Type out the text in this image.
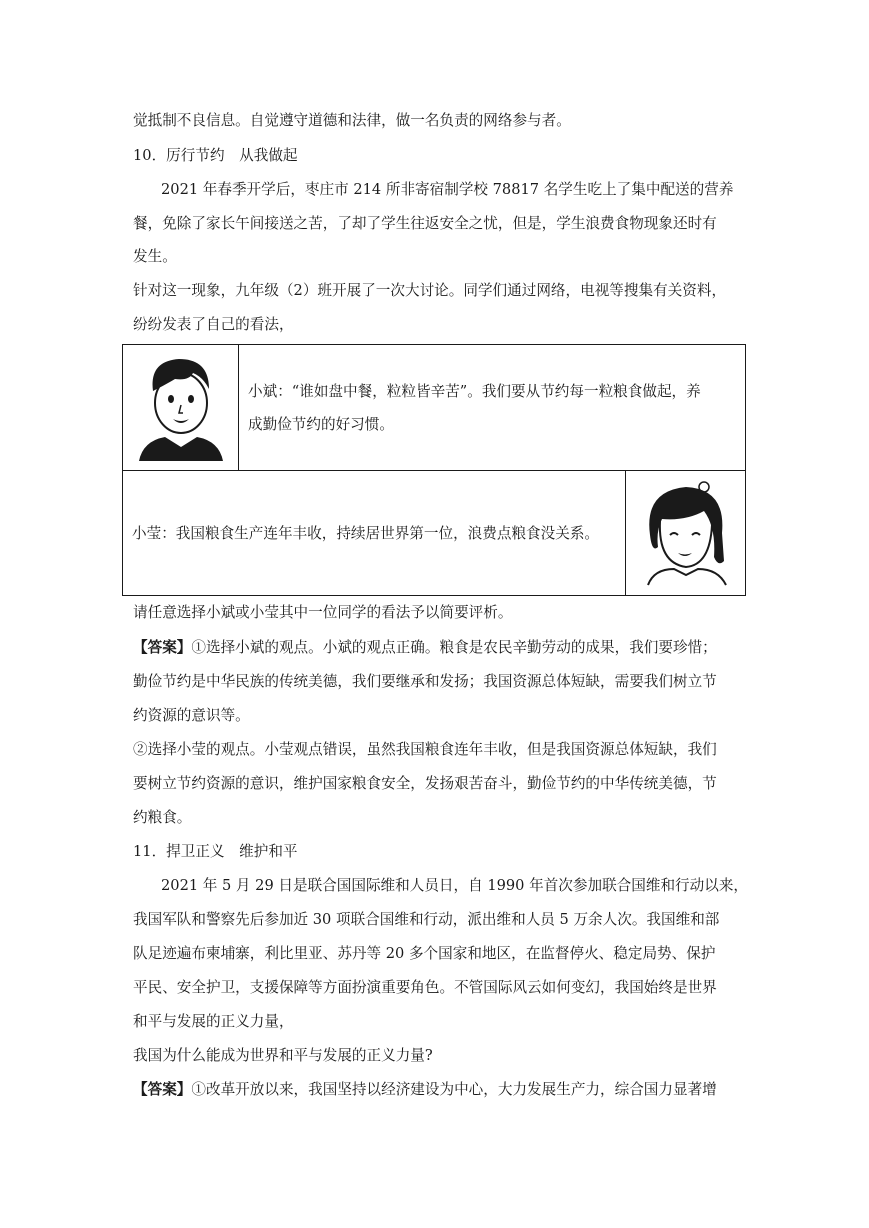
觉抵制不良信息。自觉遵守道德和法律，做一名负责的网络参与者。
10．厉行节约　从我做起
2021 年春季开学后，枣庄市 214 所非寄宿制学校 78817 名学生吃上了集中配送的营养
餐，免除了家长午间接送之苦，了却了学生往返安全之忧，但是，学生浪费食物现象还时有
发生。
针对这一现象，九年级（2）班开展了一次大讨论。同学们通过网络，电视等搜集有关资料，
纷纷发表了自己的看法，
小斌：“谁如盘中餐，粒粒皆辛苦”。我们要从节约每一粒粮食做起，养
成勤俭节约的好习惯。
小莹：我国粮食生产连年丰收，持续居世界第一位，浪费点粮食没关系。
请任意选择小斌或小莹其中一位同学的看法予以简要评析。
【答案】①选择小斌的观点。小斌的观点正确。粮食是农民辛勤劳动的成果，我们要珍惜；
勤俭节约是中华民族的传统美德，我们要继承和发扬；我国资源总体短缺，需要我们树立节
约资源的意识等。
②选择小莹的观点。小莹观点错误，虽然我国粮食连年丰收，但是我国资源总体短缺，我们
要树立节约资源的意识，维护国家粮食安全，发扬艰苦奋斗，勤俭节约的中华传统美德，节
约粮食。
11．捍卫正义　维护和平
2021 年 5 月 29 日是联合国国际维和人员日，自 1990 年首次参加联合国维和行动以来，
我国军队和警察先后参加近 30 项联合国维和行动，派出维和人员 5 万余人次。我国维和部
队足迹遍布柬埔寨，利比里亚、苏丹等 20 多个国家和地区，在监督停火、稳定局势、保护
平民、安全护卫，支援保障等方面扮演重要角色。不管国际风云如何变幻，我国始终是世界
和平与发展的正义力量，
我国为什么能成为世界和平与发展的正义力量?
【答案】①改革开放以来，我国坚持以经济建设为中心，大力发展生产力，综合国力显著增
